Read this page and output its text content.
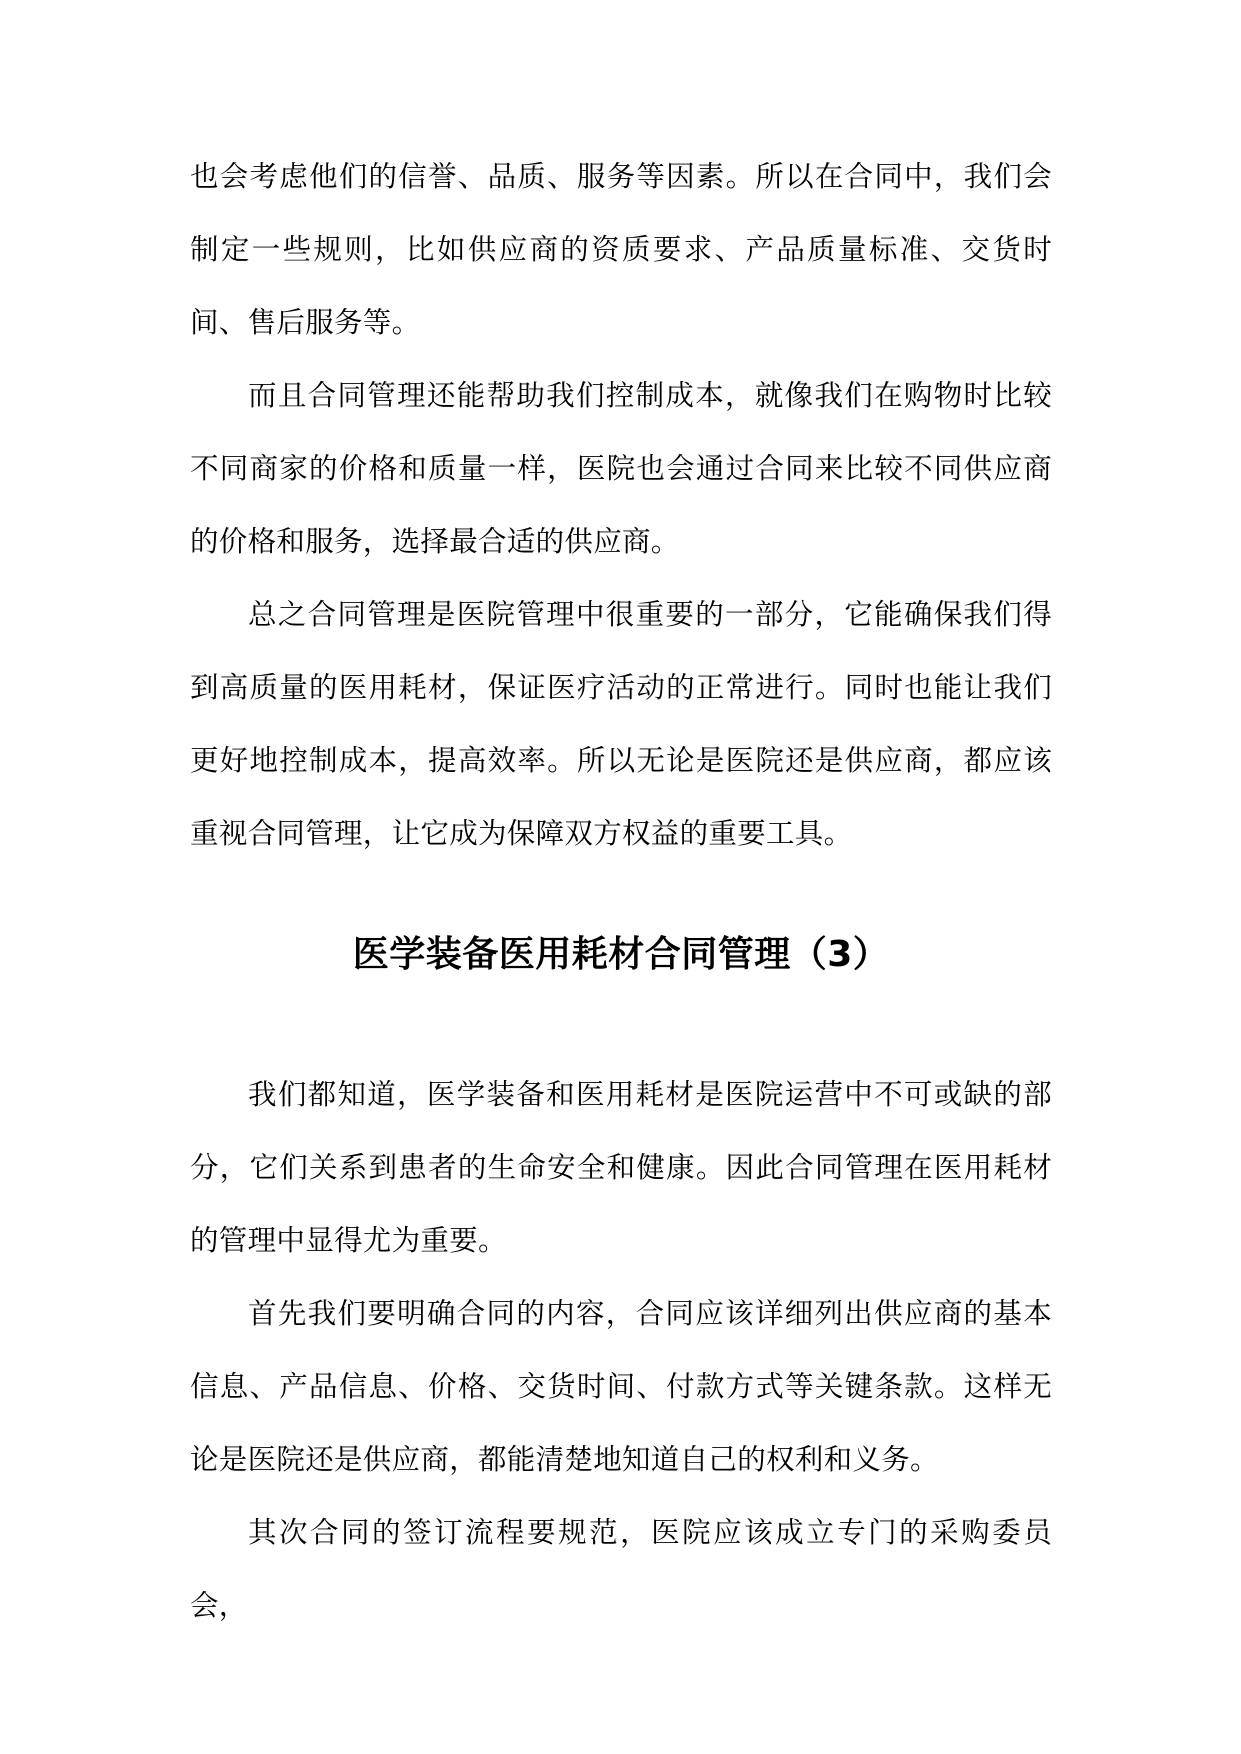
也会考虑他们的信誉、品质、服务等因素。所以在合同中，我们会制定一些规则，比如供应商的资质要求、产品质量标准、交货时间、售后服务等。

而且合同管理还能帮助我们控制成本，就像我们在购物时比较不同商家的价格和质量一样，医院也会通过合同来比较不同供应商的价格和服务，选择最合适的供应商。

总之合同管理是医院管理中很重要的一部分，它能确保我们得到高质量的医用耗材，保证医疗活动的正常进行。同时也能让我们更好地控制成本，提高效率。所以无论是医院还是供应商，都应该重视合同管理，让它成为保障双方权益的重要工具。

医学装备医用耗材合同管理（3）

我们都知道，医学装备和医用耗材是医院运营中不可或缺的部分，它们关系到患者的生命安全和健康。因此合同管理在医用耗材的管理中显得尤为重要。

首先我们要明确合同的内容，合同应该详细列出供应商的基本信息、产品信息、价格、交货时间、付款方式等关键条款。这样无论是医院还是供应商，都能清楚地知道自己的权利和义务。

其次合同的签订流程要规范，医院应该成立专门的采购委员会，
